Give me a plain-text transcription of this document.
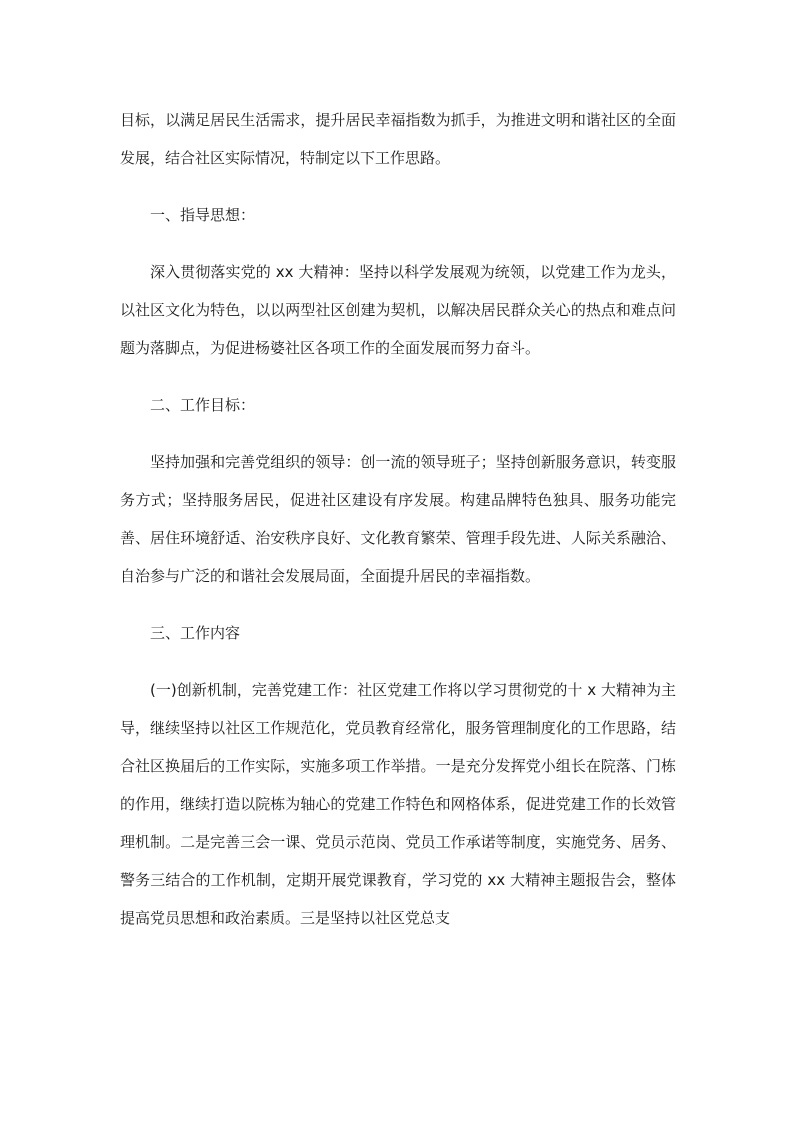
目标，以满足居民生活需求，提升居民幸福指数为抓手，为推进文明和谐社区的全面发展，结合社区实际情况，特制定以下工作思路。

一、指导思想：

深入贯彻落实党的 xx 大精神：坚持以科学发展观为统领，以党建工作为龙头，以社区文化为特色，以以两型社区创建为契机，以解决居民群众关心的热点和难点问题为落脚点，为促进杨婆社区各项工作的全面发展而努力奋斗。

二、工作目标：

坚持加强和完善党组织的领导：创一流的领导班子；坚持创新服务意识，转变服务方式；坚持服务居民，促进社区建设有序发展。构建品牌特色独具、服务功能完善、居住环境舒适、治安秩序良好、文化教育繁荣、管理手段先进、人际关系融洽、自治参与广泛的和谐社会发展局面，全面提升居民的幸福指数。

三、工作内容

(一)创新机制，完善党建工作：社区党建工作将以学习贯彻党的十 x 大精神为主导，继续坚持以社区工作规范化，党员教育经常化，服务管理制度化的工作思路，结合社区换届后的工作实际，实施多项工作举措。一是充分发挥党小组长在院落、门栋的作用，继续打造以院栋为轴心的党建工作特色和网格体系，促进党建工作的长效管理机制。二是完善三会一课、党员示范岗、党员工作承诺等制度，实施党务、居务、警务三结合的工作机制，定期开展党课教育，学习党的 xx 大精神主题报告会，整体提高党员思想和政治素质。三是坚持以社区党总支
